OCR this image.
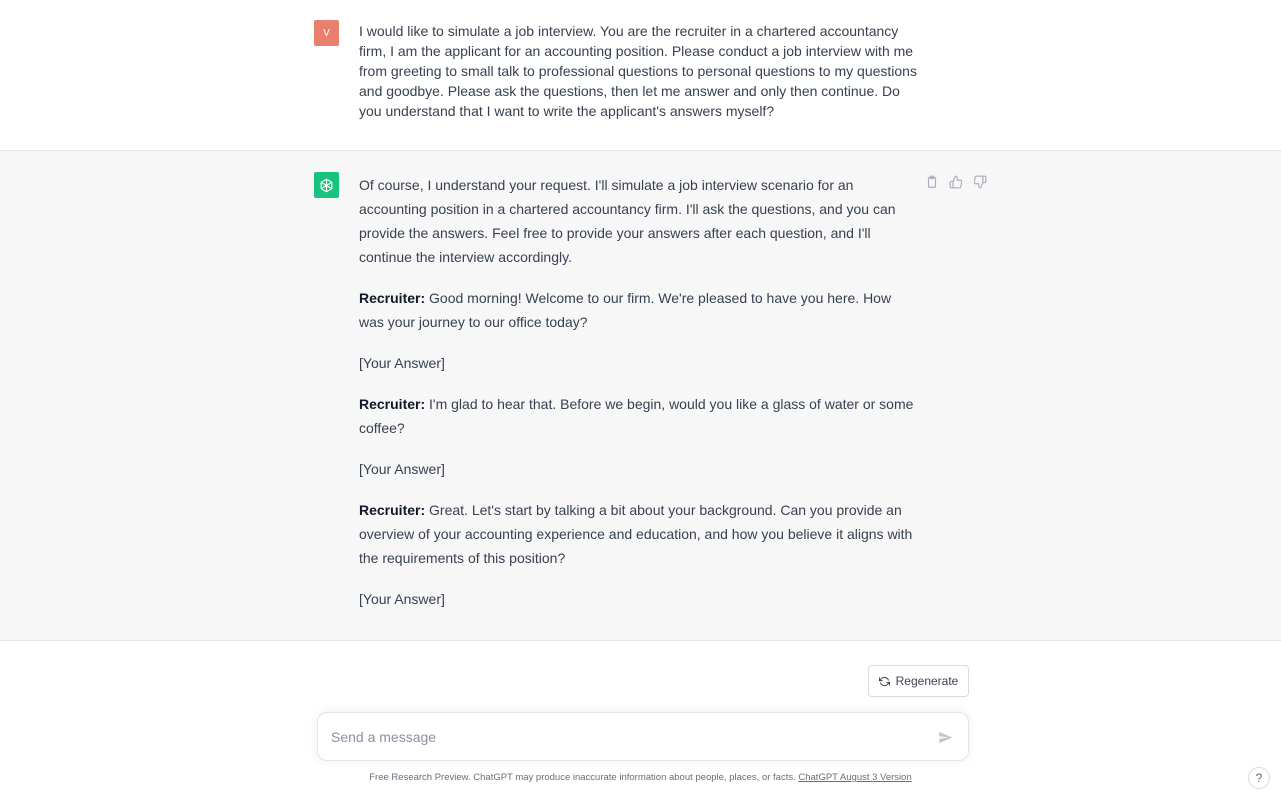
V	I would like to simulate a job interview. You are the recruiter in a chartered accountancy firm, I am the applicant for an accounting position. Please conduct a job interview with me from greeting to small talk to professional questions to personal questions to my questions and goodbye. Please ask the questions, then let me answer and only then continue. Do you understand that I want to write the applicant's answers myself?

Of course, I understand your request. I'll simulate a job interview scenario for an accounting position in a chartered accountancy firm. I'll ask the questions, and you can provide the answers. Feel free to provide your answers after each question, and I'll continue the interview accordingly.

Recruiter: Good morning! Welcome to our firm. We're pleased to have you here. How was your journey to our office today?

[Your Answer]

Recruiter: I'm glad to hear that. Before we begin, would you like a glass of water or some coffee?

[Your Answer]

Recruiter: Great. Let's start by talking a bit about your background. Can you provide an overview of your accounting experience and education, and how you believe it aligns with the requirements of this position?

[Your Answer]

Regenerate
Send a message
Free Research Preview. ChatGPT may produce inaccurate information about people, places, or facts. ChatGPT August 3 Version	?
